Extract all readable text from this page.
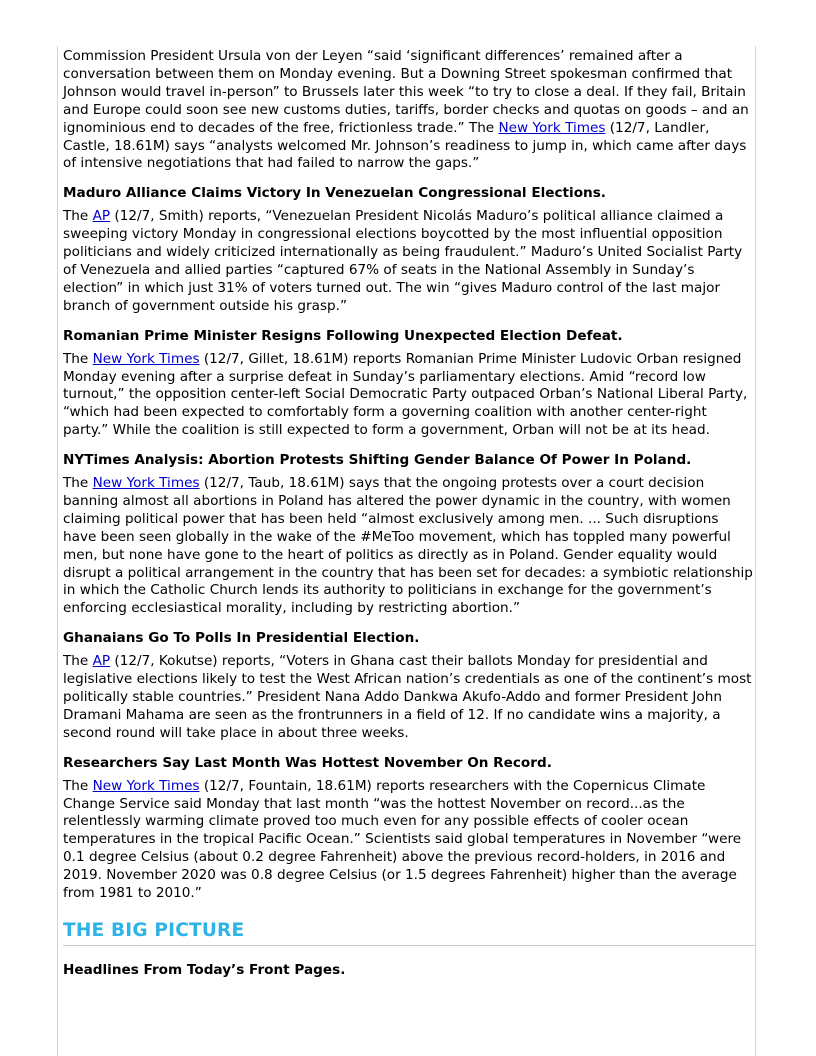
Commission President Ursula von der Leyen “said ‘significant differences’ remained after a conversation between them on Monday evening. But a Downing Street spokesman confirmed that Johnson would travel in-person” to Brussels later this week “to try to close a deal. If they fail, Britain and Europe could soon see new customs duties, tariffs, border checks and quotas on goods – and an ignominious end to decades of the free, frictionless trade.” The New York Times (12/7, Landler, Castle, 18.61M) says “analysts welcomed Mr. Johnson’s readiness to jump in, which came after days of intensive negotiations that had failed to narrow the gaps.”

Maduro Alliance Claims Victory In Venezuelan Congressional Elections.

The AP (12/7, Smith) reports, “Venezuelan President Nicolás Maduro’s political alliance claimed a sweeping victory Monday in congressional elections boycotted by the most influential opposition politicians and widely criticized internationally as being fraudulent.” Maduro’s United Socialist Party of Venezuela and allied parties “captured 67% of seats in the National Assembly in Sunday’s election” in which just 31% of voters turned out. The win “gives Maduro control of the last major branch of government outside his grasp.”

Romanian Prime Minister Resigns Following Unexpected Election Defeat.

The New York Times (12/7, Gillet, 18.61M) reports Romanian Prime Minister Ludovic Orban resigned Monday evening after a surprise defeat in Sunday’s parliamentary elections. Amid “record low turnout,” the opposition center-left Social Democratic Party outpaced Orban’s National Liberal Party, “which had been expected to comfortably form a governing coalition with another center-right party.” While the coalition is still expected to form a government, Orban will not be at its head.

NYTimes Analysis: Abortion Protests Shifting Gender Balance Of Power In Poland.

The New York Times (12/7, Taub, 18.61M) says that the ongoing protests over a court decision banning almost all abortions in Poland has altered the power dynamic in the country, with women claiming political power that has been held “almost exclusively among men. ... Such disruptions have been seen globally in the wake of the #MeToo movement, which has toppled many powerful men, but none have gone to the heart of politics as directly as in Poland. Gender equality would disrupt a political arrangement in the country that has been set for decades: a symbiotic relationship in which the Catholic Church lends its authority to politicians in exchange for the government’s enforcing ecclesiastical morality, including by restricting abortion.”

Ghanaians Go To Polls In Presidential Election.

The AP (12/7, Kokutse) reports, “Voters in Ghana cast their ballots Monday for presidential and legislative elections likely to test the West African nation’s credentials as one of the continent’s most politically stable countries.” President Nana Addo Dankwa Akufo-Addo and former President John Dramani Mahama are seen as the frontrunners in a field of 12. If no candidate wins a majority, a second round will take place in about three weeks.

Researchers Say Last Month Was Hottest November On Record.

The New York Times (12/7, Fountain, 18.61M) reports researchers with the Copernicus Climate Change Service said Monday that last month “was the hottest November on record...as the relentlessly warming climate proved too much even for any possible effects of cooler ocean temperatures in the tropical Pacific Ocean.” Scientists said global temperatures in November “were 0.1 degree Celsius (about 0.2 degree Fahrenheit) above the previous record-holders, in 2016 and 2019. November 2020 was 0.8 degree Celsius (or 1.5 degrees Fahrenheit) higher than the average from 1981 to 2010.”

THE BIG PICTURE
Headlines From Today’s Front Pages.
